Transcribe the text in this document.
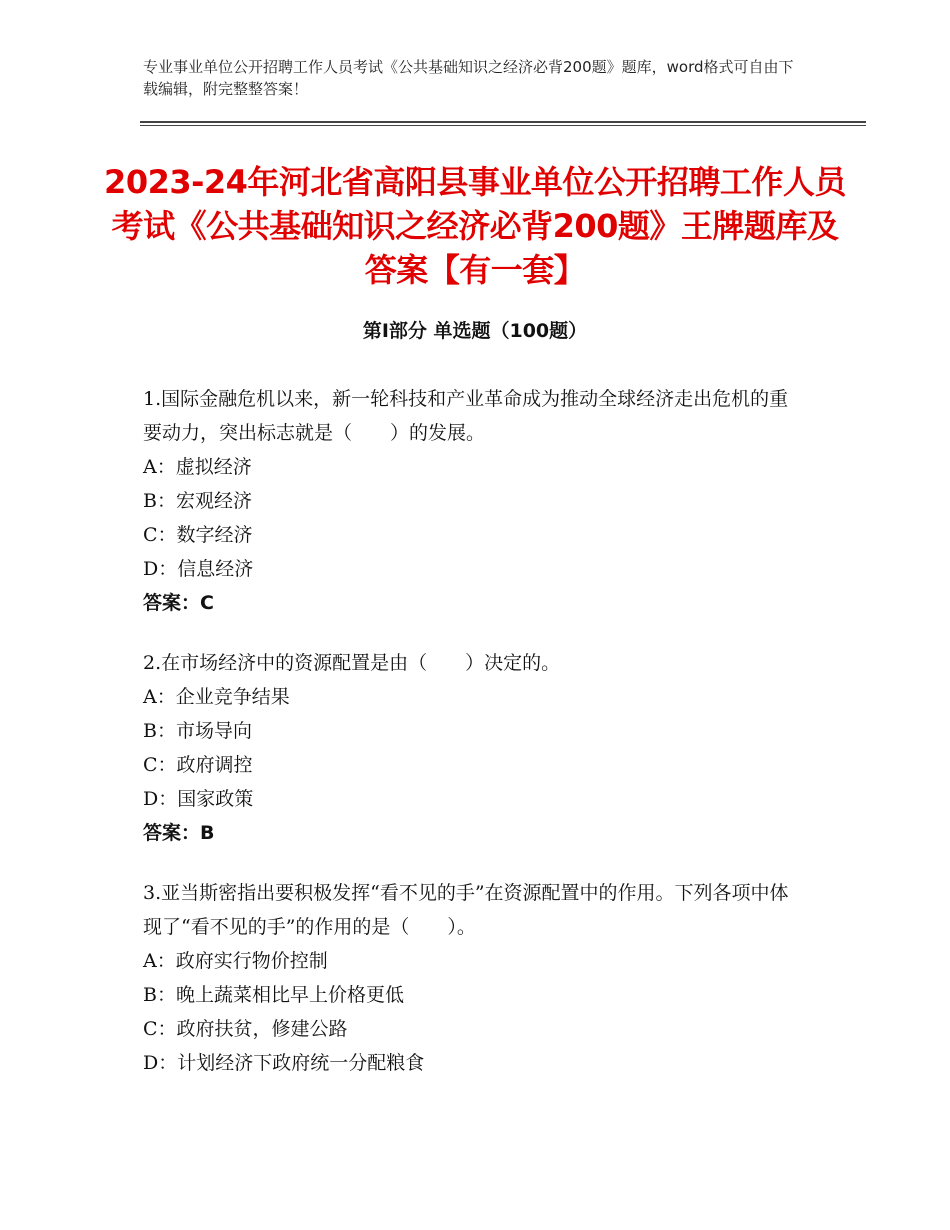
专业事业单位公开招聘工作人员考试《公共基础知识之经济必背200题》题库，word格式可自由下载编辑，附完整整答案！
2023-24年河北省高阳县事业单位公开招聘工作人员考试《公共基础知识之经济必背200题》王牌题库及答案【有一套】
第Ⅰ部分 单选题（100题）

1.国际金融危机以来，新一轮科技和产业革命成为推动全球经济走出危机的重要动力，突出标志就是（　　）的发展。

A：虚拟经济

B：宏观经济

C：数字经济

D：信息经济

答案：C

2.在市场经济中的资源配置是由（　　）决定的。

A：企业竞争结果

B：市场导向

C：政府调控

D：国家政策

答案：B

3.亚当斯密指出要积极发挥“看不见的手”在资源配置中的作用。下列各项中体现了“看不见的手”的作用的是（　　）。

A：政府实行物价控制

B：晚上蔬菜相比早上价格更低

C：政府扶贫，修建公路

D：计划经济下政府统一分配粮食
